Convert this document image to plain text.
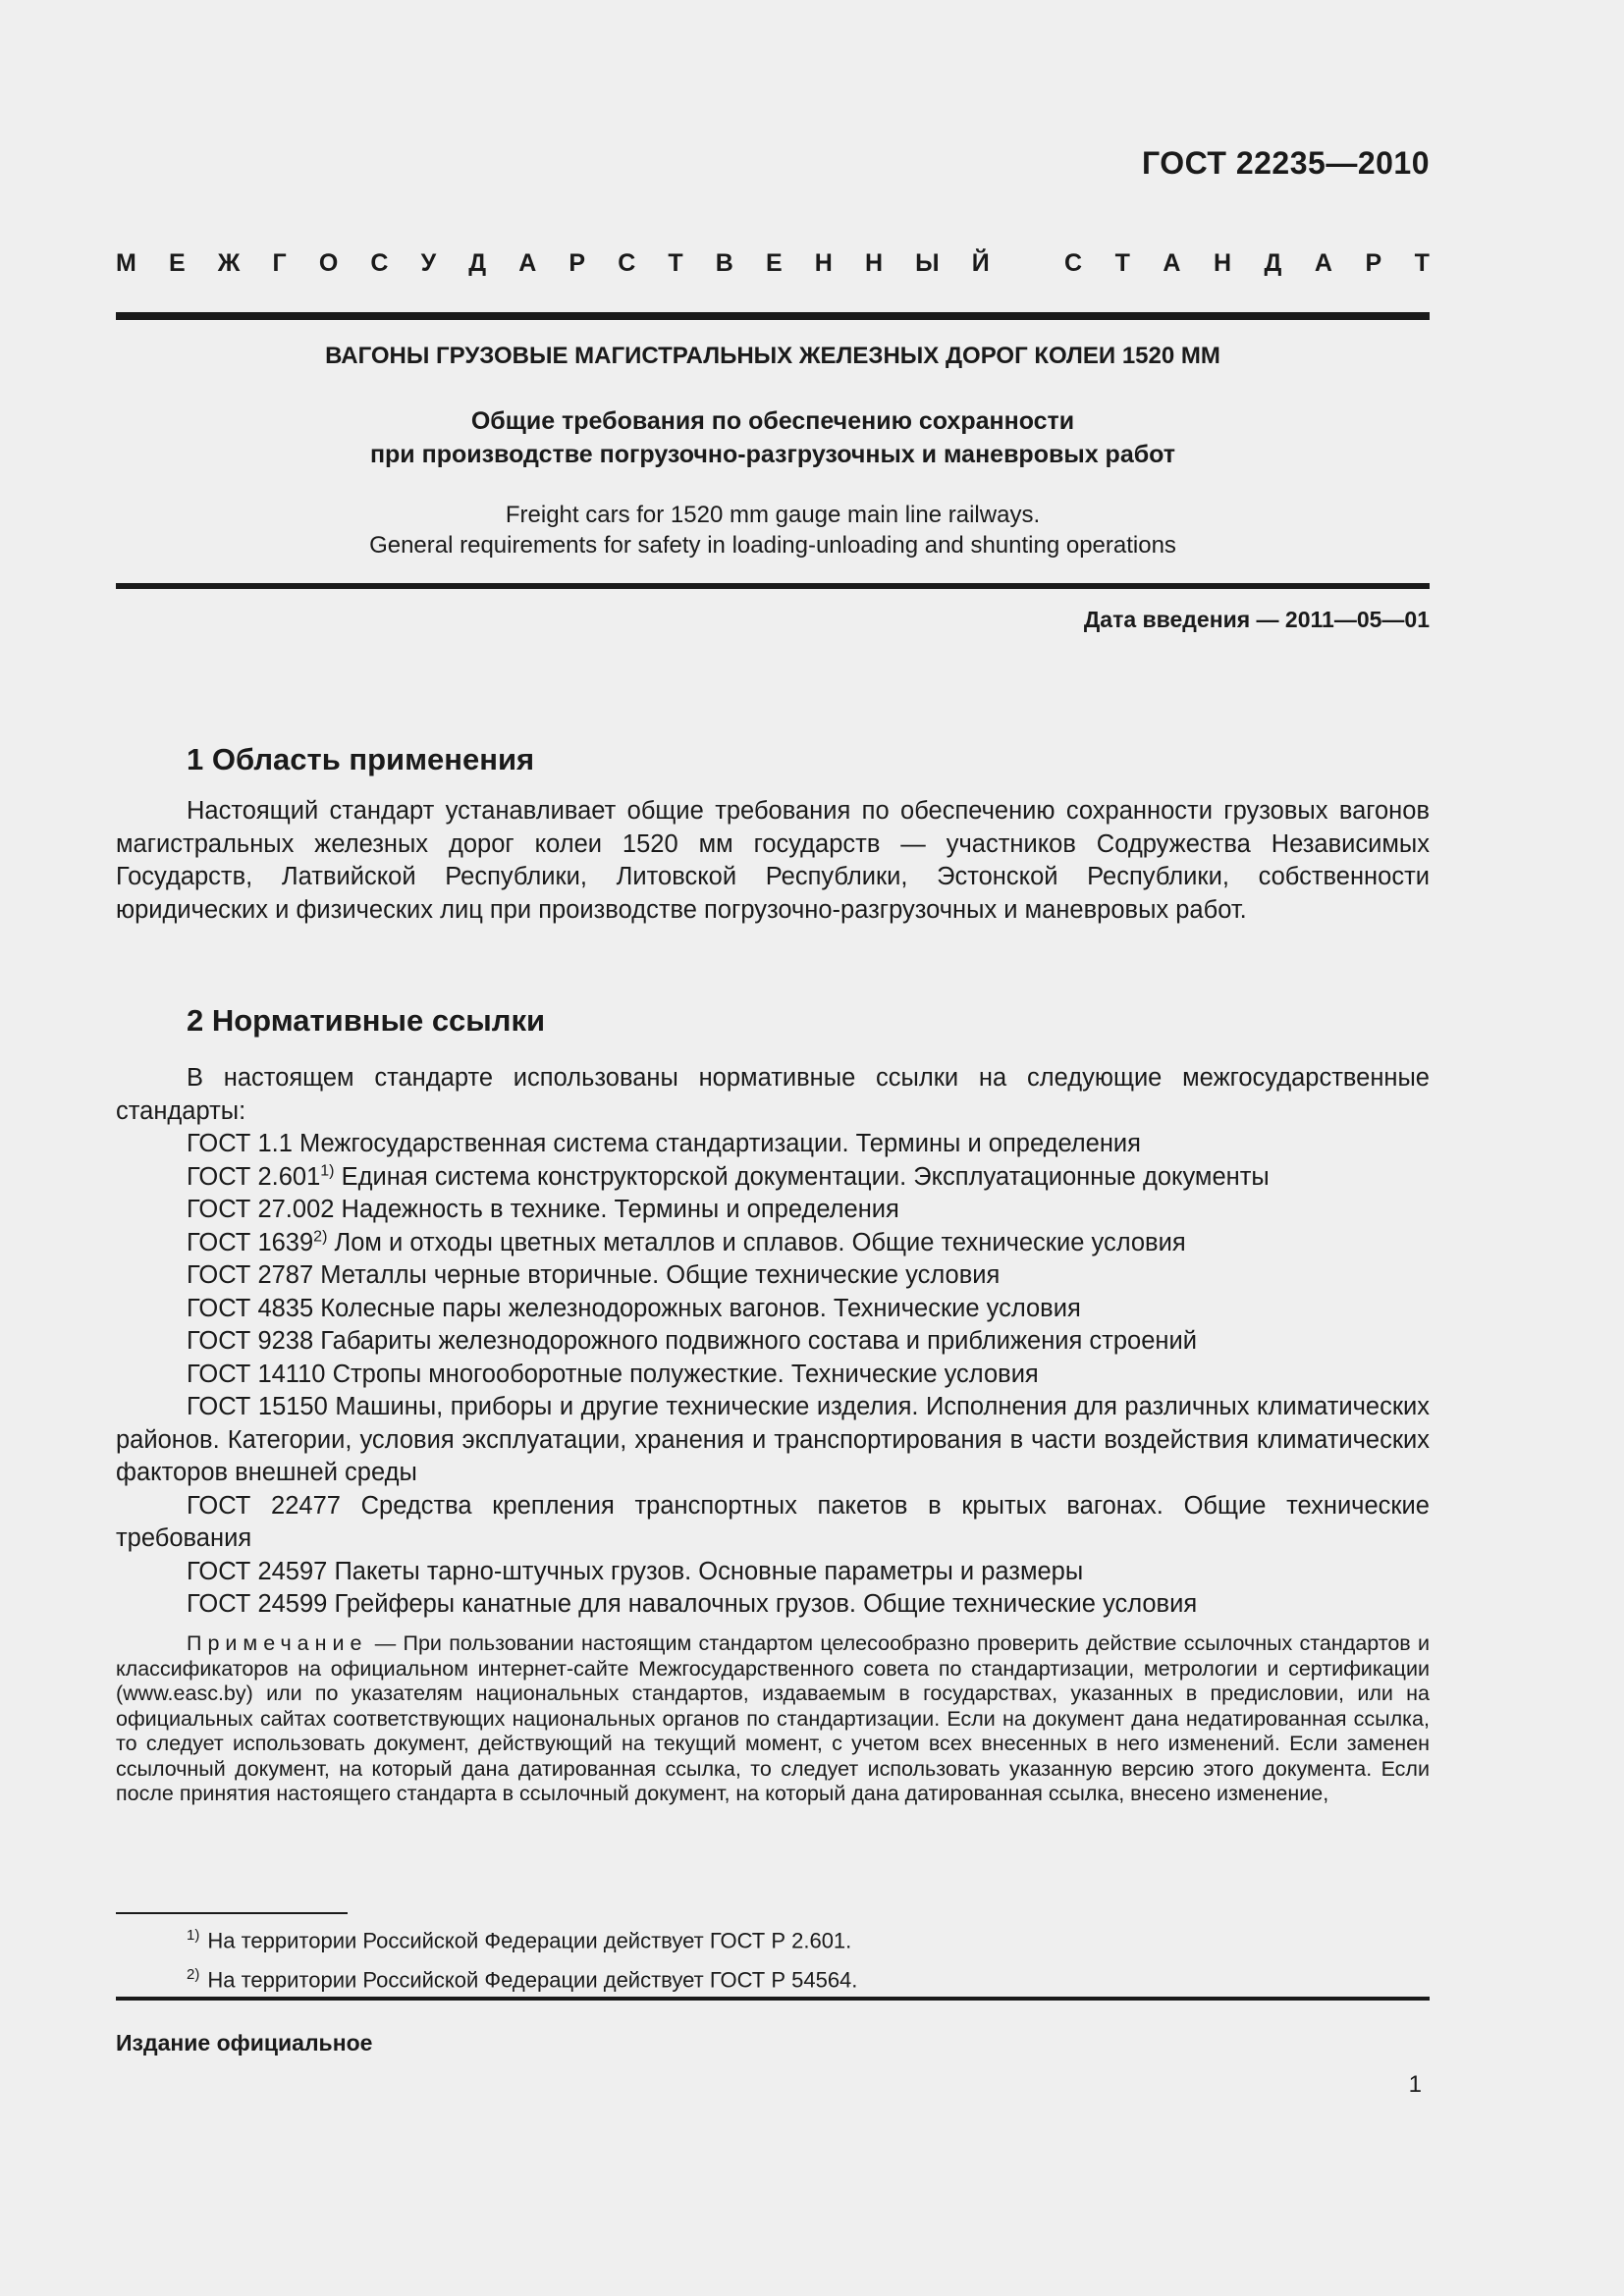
ГОСТ 22235—2010
М Е Ж Г О С У Д А Р С Т В Е Н Н Ы Й	С Т А Н Д А Р Т
ВАГОНЫ ГРУЗОВЫЕ МАГИСТРАЛЬНЫХ ЖЕЛЕЗНЫХ ДОРОГ КОЛЕИ 1520 ММ
Общие требования по обеспечению сохранности
при производстве погрузочно-разгрузочных и маневровых работ
Freight cars for 1520 mm gauge main line railways.
General requirements for safety in loading-unloading and shunting operations
Дата введения — 2011—05—01
1 Область применения

Настоящий стандарт устанавливает общие требования по обеспечению сохранности грузовых вагонов магистральных железных дорог колеи 1520 мм государств — участников Содружества Независимых Государств, Латвийской Республики, Литовской Республики, Эстонской Республики, собственности юридических и физических лиц при производстве погрузочно-разгрузочных и маневровых работ.

2 Нормативные ссылки

В настоящем стандарте использованы нормативные ссылки на следующие межгосударственные стандарты:

ГОСТ 1.1 Межгосударственная система стандартизации. Термины и определения

ГОСТ 2.601$^{1)}$ Единая система конструкторской документации. Эксплуатационные документы

ГОСТ 27.002 Надежность в технике. Термины и определения

ГОСТ 1639$^{2)}$ Лом и отходы цветных металлов и сплавов. Общие технические условия

ГОСТ 2787 Металлы черные вторичные. Общие технические условия

ГОСТ 4835 Колесные пары железнодорожных вагонов. Технические условия

ГОСТ 9238 Габариты железнодорожного подвижного состава и приближения строений

ГОСТ 14110 Стропы многооборотные полужесткие. Технические условия

ГОСТ 15150 Машины, приборы и другие технические изделия. Исполнения для различных климатических районов. Категории, условия эксплуатации, хранения и транспортирования в части воздействия климатических факторов внешней среды

ГОСТ 22477 Средства крепления транспортных пакетов в крытых вагонах. Общие технические требования

ГОСТ 24597 Пакеты тарно-штучных грузов. Основные параметры и размеры

ГОСТ 24599 Грейферы канатные для навалочных грузов. Общие технические условия

Примечание — При пользовании настоящим стандартом целесообразно проверить действие ссылочных стандартов и классификаторов на официальном интернет-сайте Межгосударственного совета по стандартизации, метрологии и сертификации (www.easc.by) или по указателям национальных стандартов, издаваемым в государствах, указанных в предисловии, или на официальных сайтах соответствующих национальных органов по стандартизации. Если на документ дана недатированная ссылка, то следует использовать документ, действующий на текущий момент, с учетом всех внесенных в него изменений. Если заменен ссылочный документ, на который дана датированная ссылка, то следует использовать указанную версию этого документа. Если после принятия настоящего стандарта в ссылочный документ, на который дана датированная ссылка, внесено изменение,

$^{1)}$ На территории Российской Федерации действует ГОСТ Р 2.601.
$^{2)}$ На территории Российской Федерации действует ГОСТ Р 54564.
Издание официальное
1
